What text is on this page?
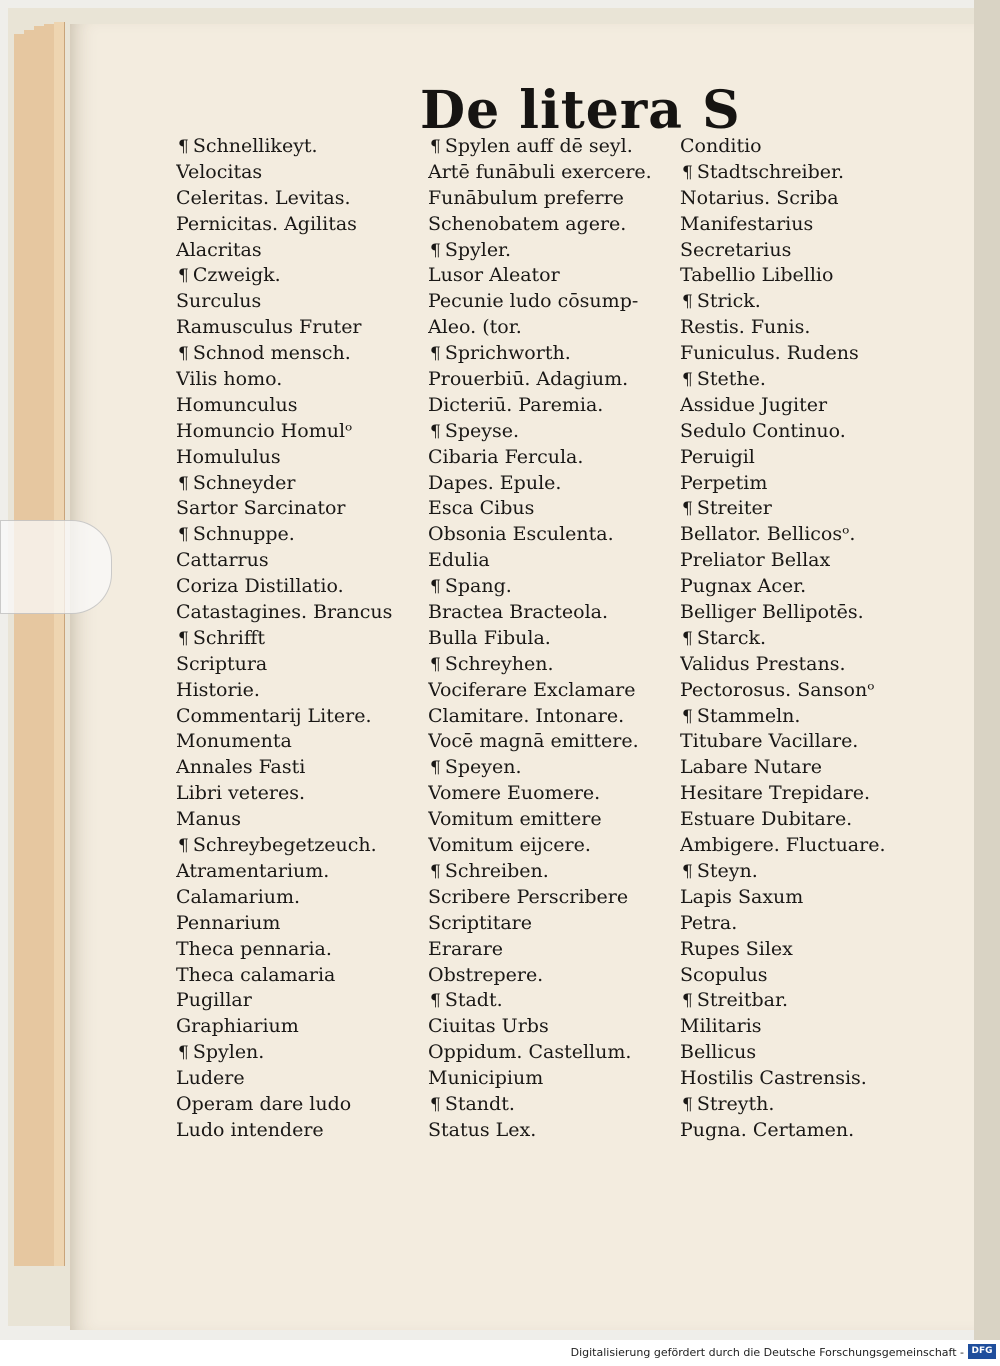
De litera S
¶ Schnellikeyt.
Velocitas
Celeritas. Levitas.
Pernicitas. Agilitas
Alacritas
¶ Czweigk.
Surculus
Ramusculus Fruter
¶ Schnod mensch.
Vilis homo.
Homunculus
Homuncio Homulᵒ
Homululus
¶ Schneyder
Sartor Sarcinator
¶ Schnuppe.
Cattarrus
Coriza Distillatio.
Catastagines. Brancus
¶ Schrifft
Scriptura
Historie.
Commentarij Litere.
Monumenta
Annales Fasti
Libri veteres.
Manus
¶ Schreybegetzeuch.
Atramentarium.
Calamarium.
Pennarium
Theca pennaria.
Theca calamaria
Pugillar
Graphiarium
¶ Spylen.
Ludere
Operam dare ludo
Ludo intendere
¶ Spylen auff dē seyl.
Artē funābuli exercere.
Funābulum preferre
Schenobatem agere.
¶ Spyler.
Lusor Aleator
Pecunie ludo cōsump-
Aleo. (tor.
¶ Sprichworth.
Prouerbiū. Adagium.
Dicteriū. Paremia.
¶ Speyse.
Cibaria Fercula.
Dapes. Epule.
Esca Cibus
Obsonia Esculenta.
Edulia
¶ Spang.
Bractea Bracteola.
Bulla Fibula.
¶ Schreyhen.
Vociferare Exclamare
Clamitare. Intonare.
Vocē magnā emittere.
¶ Speyen.
Vomere Euomere.
Vomitum emittere
Vomitum eijcere.
¶ Schreiben.
Scribere Perscribere
Scriptitare
Erarare
Obstrepere.
¶ Stadt.
Ciuitas Urbs
Oppidum. Castellum.
Municipium
¶ Standt.
Status Lex.
Conditio
¶ Stadtschreiber.
Notarius. Scriba
Manifestarius
Secretarius
Tabellio Libellio
¶ Strick.
Restis. Funis.
Funiculus. Rudens
¶ Stethe.
Assidue Jugiter
Sedulo Continuo.
Peruigil
Perpetim
¶ Streiter
Bellator. Bellicosᵒ.
Preliator Bellax
Pugnax Acer.
Belliger Bellipotēs.
¶ Starck.
Validus Prestans.
Pectorosus. Sansonᵒ
¶ Stammeln.
Titubare Vacillare.
Labare Nutare
Hesitare Trepidare.
Estuare Dubitare.
Ambigere. Fluctuare.
¶ Steyn.
Lapis Saxum
Petra.
Rupes Silex
Scopulus
¶ Streitbar.
Militaris
Bellicus
Hostilis Castrensis.
¶ Streyth.
Pugna. Certamen.
Digitalisierung gefördert durch die Deutsche Forschungsgemeinschaft - DFG
